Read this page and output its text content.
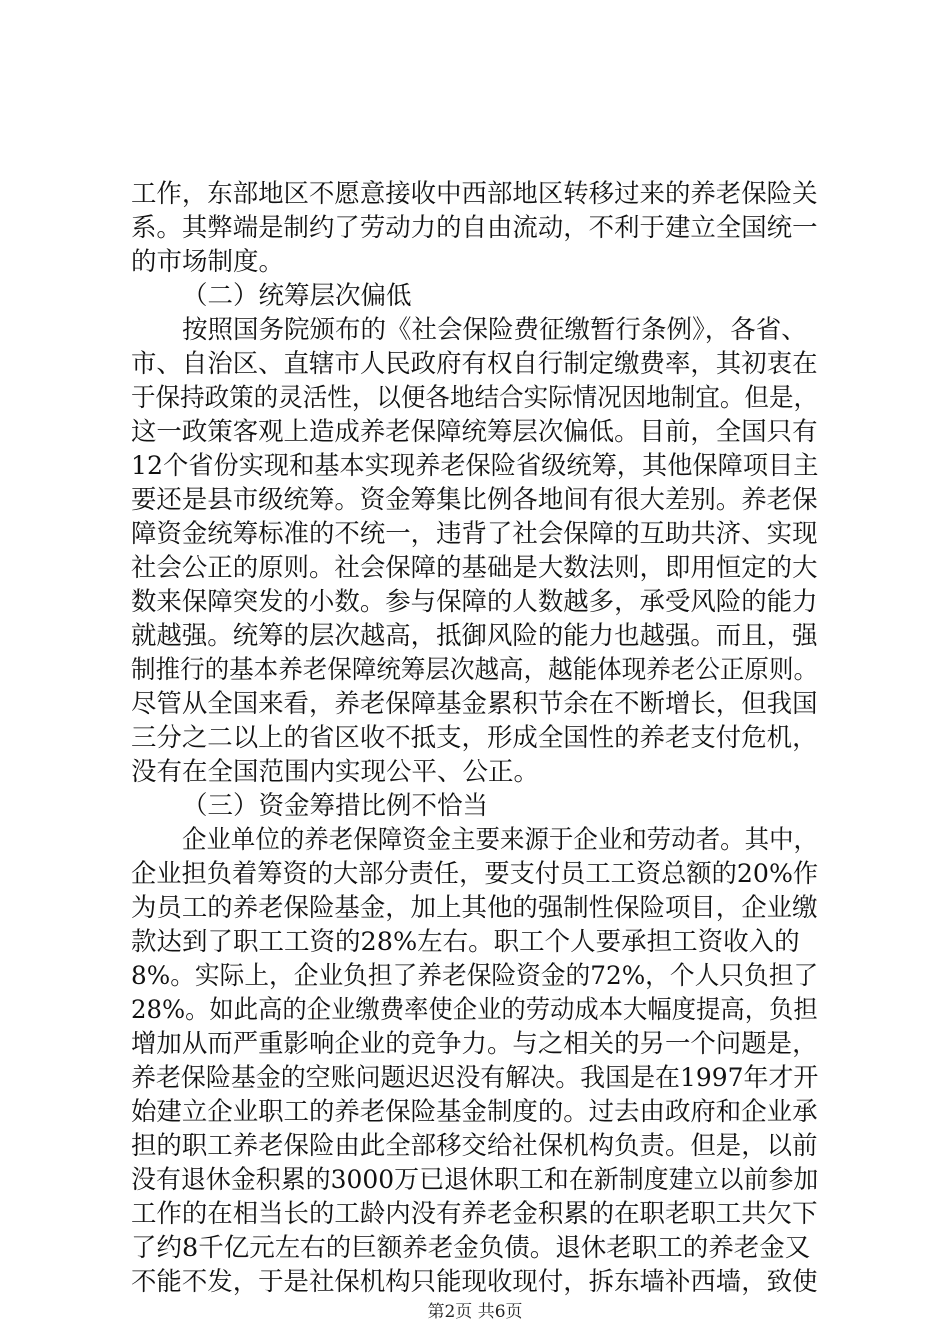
工作，东部地区不愿意接收中西部地区转移过来的养老保险关
系。其弊端是制约了劳动力的自由流动，不利于建立全国统一
的市场制度。
（二）统筹层次偏低
按照国务院颁布的《社会保险费征缴暂行条例》，各省、
市、自治区、直辖市人民政府有权自行制定缴费率，其初衷在
于保持政策的灵活性，以便各地结合实际情况因地制宜。但是，
这一政策客观上造成养老保障统筹层次偏低。目前，全国只有
12个省份实现和基本实现养老保险省级统筹，其他保障项目主
要还是县市级统筹。资金筹集比例各地间有很大差别。养老保
障资金统筹标准的不统一，违背了社会保障的互助共济、实现
社会公正的原则。社会保障的基础是大数法则，即用恒定的大
数来保障突发的小数。参与保障的人数越多，承受风险的能力
就越强。统筹的层次越高，抵御风险的能力也越强。而且，强
制推行的基本养老保障统筹层次越高，越能体现养老公正原则。
尽管从全国来看，养老保障基金累积节余在不断增长，但我国
三分之二以上的省区收不抵支，形成全国性的养老支付危机，
没有在全国范围内实现公平、公正。
（三）资金筹措比例不恰当
企业单位的养老保障资金主要来源于企业和劳动者。其中，
企业担负着筹资的大部分责任，要支付员工工资总额的20%作
为员工的养老保险基金，加上其他的强制性保险项目，企业缴
款达到了职工工资的28%左右。职工个人要承担工资收入的
8%。实际上，企业负担了养老保险资金的72%，个人只负担了
28%。如此高的企业缴费率使企业的劳动成本大幅度提高，负担
增加从而严重影响企业的竞争力。与之相关的另一个问题是，
养老保险基金的空账问题迟迟没有解决。我国是在1997年才开
始建立企业职工的养老保险基金制度的。过去由政府和企业承
担的职工养老保险由此全部移交给社保机构负责。但是，以前
没有退休金积累的3000万已退休职工和在新制度建立以前参加
工作的在相当长的工龄内没有养老金积累的在职老职工共欠下
了约8千亿元左右的巨额养老金负债。退休老职工的养老金又
不能不发，于是社保机构只能现收现付，拆东墙补西墙，致使
第2页 共6页
